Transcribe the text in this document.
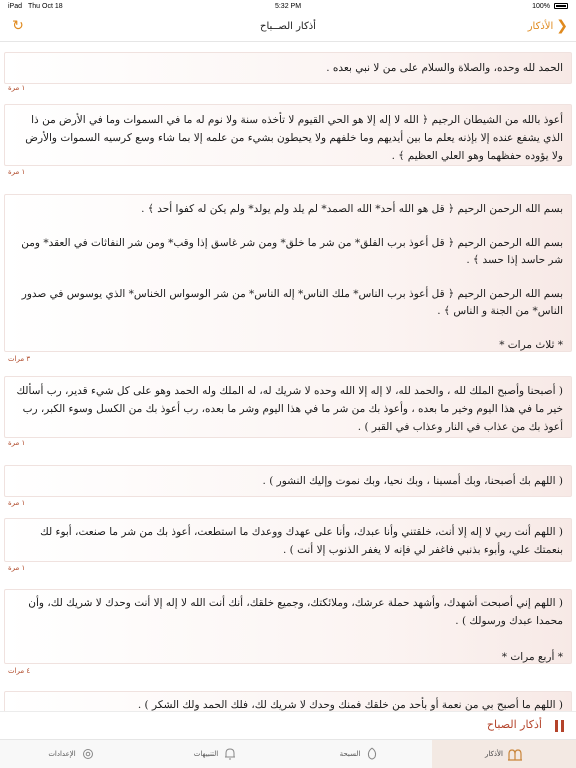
iPad Thu Oct 18	5:32 PM	100%
↻	أذكار الصــباح	الأذكار ❯
الحمد لله وحده، والصلاة والسلام على من لا نبي بعده .
١ مرة
أعوذ بالله من الشيطان الرجيم ﴿ الله لا إله إلا هو الحي القيوم لا تأخذه سنة ولا نوم له ما في السموات وما في الأرض من ذا الذي يشفع عنده إلا بإذنه يعلم ما بين أيديهم وما خلفهم ولا يحيطون بشيء من علمه إلا بما شاء وسع كرسيه السموات والأرض ولا يؤوده حفظهما وهو العلي العظيم ﴾ .
١ مرة
بسم الله الرحمن الرحيم ﴿ قل هو الله أحد* الله الصمد* لم يلد ولم يولد* ولم يكن له كفوا أحد ﴾ .

بسم الله الرحمن الرحيم ﴿ قل أعوذ برب الفلق* من شر ما خلق* ومن شر غاسق إذا وقب* ومن شر النفاثات في العقد* ومن شر حاسد إذا حسد ﴾ .

بسم الله الرحمن الرحيم ﴿ قل أعوذ برب الناس* ملك الناس* إله الناس* من شر الوسواس الخناس* الذي يوسوس في صدور الناس* من الجنة و الناس ﴾ .

* ثلاث مرات *
٣ مرات
( أصبحنا وأصبح الملك لله ، والحمد لله، لا إله إلا الله وحده لا شريك له، له الملك وله الحمد وهو على كل شيء قدير، رب أسألك خير ما في هذا اليوم وخير ما بعده ، وأعوذ بك من شر ما في هذا اليوم وشر ما بعده، رب أعوذ بك من الكسل وسوء الكبر، رب أعوذ بك من عذاب في النار وعذاب في القبر ) .
١ مرة
( اللهم بك أصبحنا، وبك أمسينا ، وبك نحيا، وبك نموت وإليك النشور ) .
١ مرة
( اللهم أنت ربي لا إله إلا أنت، خلقتني وأنا عبدك، وأنا على عهدك ووعدك ما استطعت، أعوذ بك من شر ما صنعت، أبوء لك بنعمتك علي، وأبوء بذنبي فاغفر لي فإنه لا يغفر الذنوب إلا أنت ) .
١ مرة
( اللهم إني أصبحت أشهدك، وأشهد حملة عرشك، وملائكتك، وجميع خلقك، أنك أنت الله لا إله إلا أنت وحدك لا شريك لك، وأن محمدا عبدك ورسولك ) .

* أربع مرات *
٤ مرات
( اللهم ما أصبح بي من نعمة أو بأحد من خلقك فمنك وحدك لا شريك لك، فلك الحمد ولك الشكر ) .
أذكار الصباح
الأذكار
السبحة
التنبيهات
الإعدادات
